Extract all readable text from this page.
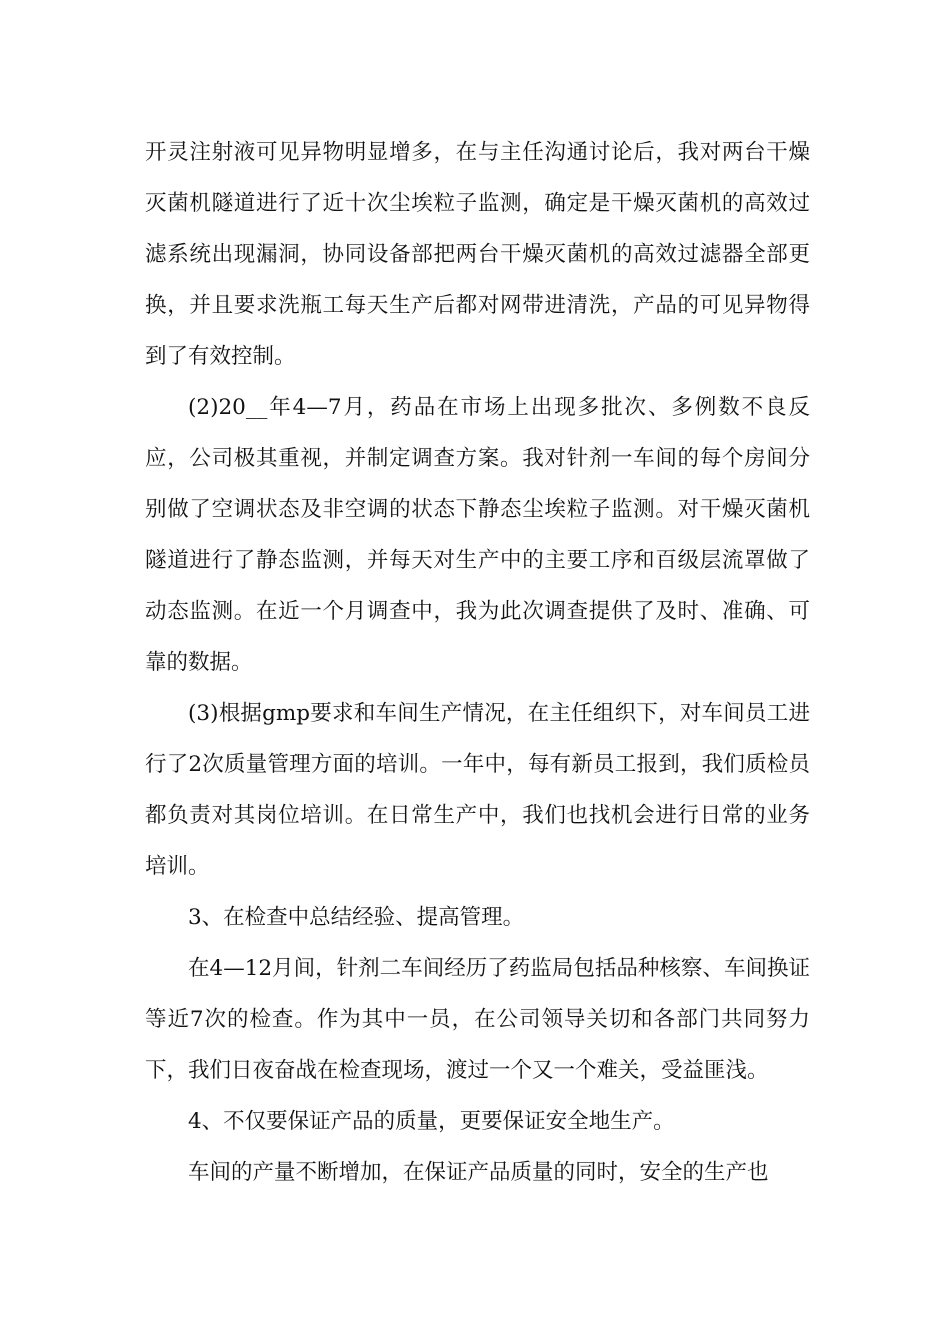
开灵注射液可见异物明显增多，在与主任沟通讨论后，我对两台干燥灭菌机隧道进行了近十次尘埃粒子监测，确定是干燥灭菌机的高效过滤系统出现漏洞，协同设备部把两台干燥灭菌机的高效过滤器全部更换，并且要求洗瓶工每天生产后都对网带进清洗，产品的可见异物得到了有效控制。

(2)20__年4—7月，药品在市场上出现多批次、多例数不良反应，公司极其重视，并制定调查方案。我对针剂一车间的每个房间分别做了空调状态及非空调的状态下静态尘埃粒子监测。对干燥灭菌机隧道进行了静态监测，并每天对生产中的主要工序和百级层流罩做了动态监测。在近一个月调查中，我为此次调查提供了及时、准确、可靠的数据。

(3)根据gmp要求和车间生产情况，在主任组织下，对车间员工进行了2次质量管理方面的培训。一年中，每有新员工报到，我们质检员都负责对其岗位培训。在日常生产中，我们也找机会进行日常的业务培训。

3、在检查中总结经验、提高管理。

在4—12月间，针剂二车间经历了药监局包括品种核察、车间换证等近7次的检查。作为其中一员，在公司领导关切和各部门共同努力下，我们日夜奋战在检查现场，渡过一个又一个难关，受益匪浅。

4、不仅要保证产品的质量，更要保证安全地生产。

车间的产量不断增加，在保证产品质量的同时，安全的生产也
